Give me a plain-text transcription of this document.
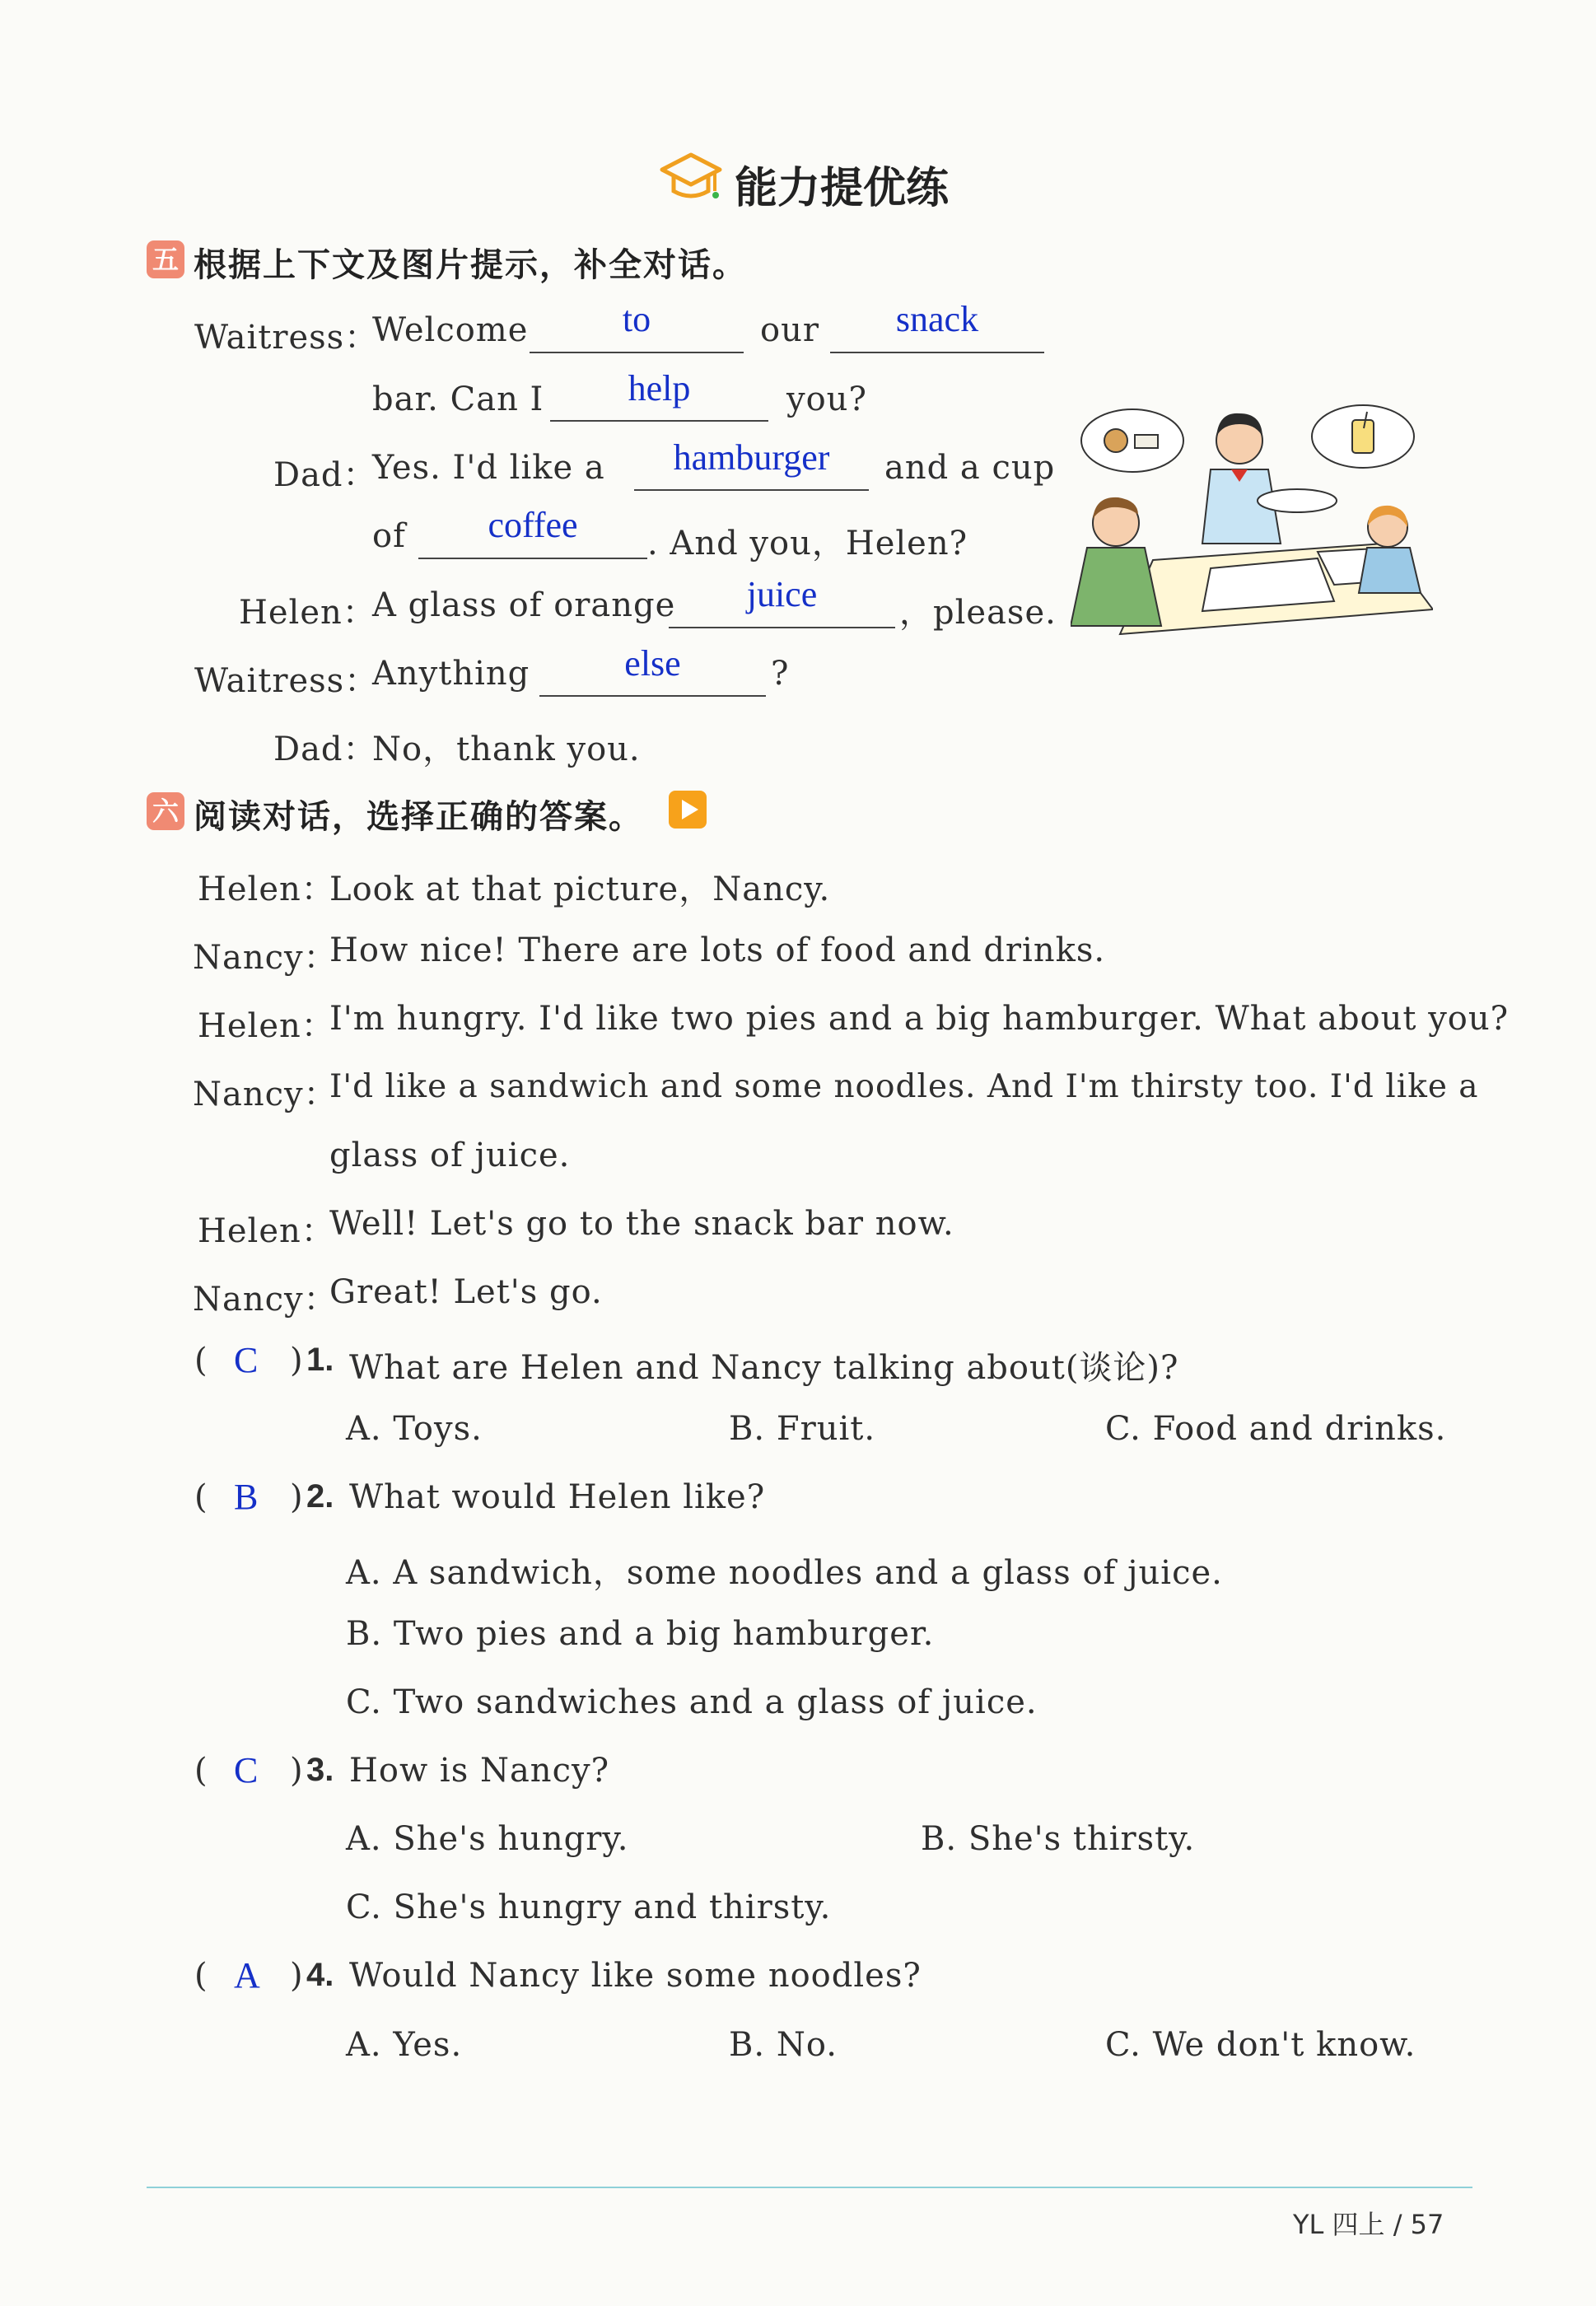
能力提优练
五 根据上下文及图片提示，补全对话。
Waitress：
Welcome	to	our	snack
bar. Can I	help	you?
Dad：
Yes. I'd like a	hamburger	and a cup
of	coffee	. And you，Helen?
Helen：
A glass of orange	juice	，please.
Waitress：
Anything	else	?
Dad：
No，thank you.
六 阅读对话，选择正确的答案。
Helen：
Look at that picture，Nancy.
Nancy：
How nice! There are lots of food and drinks.
Helen：
I'm hungry. I'd like two pies and a big hamburger. What about you?
Nancy：
I'd like a sandwich and some noodles. And I'm thirsty too. I'd like a
glass of juice.
Helen：
Well! Let's go to the snack bar now.
Nancy：
Great! Let's go.
( C ) 1. What are Helen and Nancy talking about(谈论)?
A. Toys.	B. Fruit.	C. Food and drinks.
( B ) 2. What would Helen like?
A. A sandwich，some noodles and a glass of juice.
B. Two pies and a big hamburger.
C. Two sandwiches and a glass of juice.
( C ) 3. How is Nancy?
A. She's hungry.	B. She's thirsty.
C. She's hungry and thirsty.
( A ) 4. Would Nancy like some noodles?
A. Yes.	B. No.	C. We don't know.
YL 四上 / 57
